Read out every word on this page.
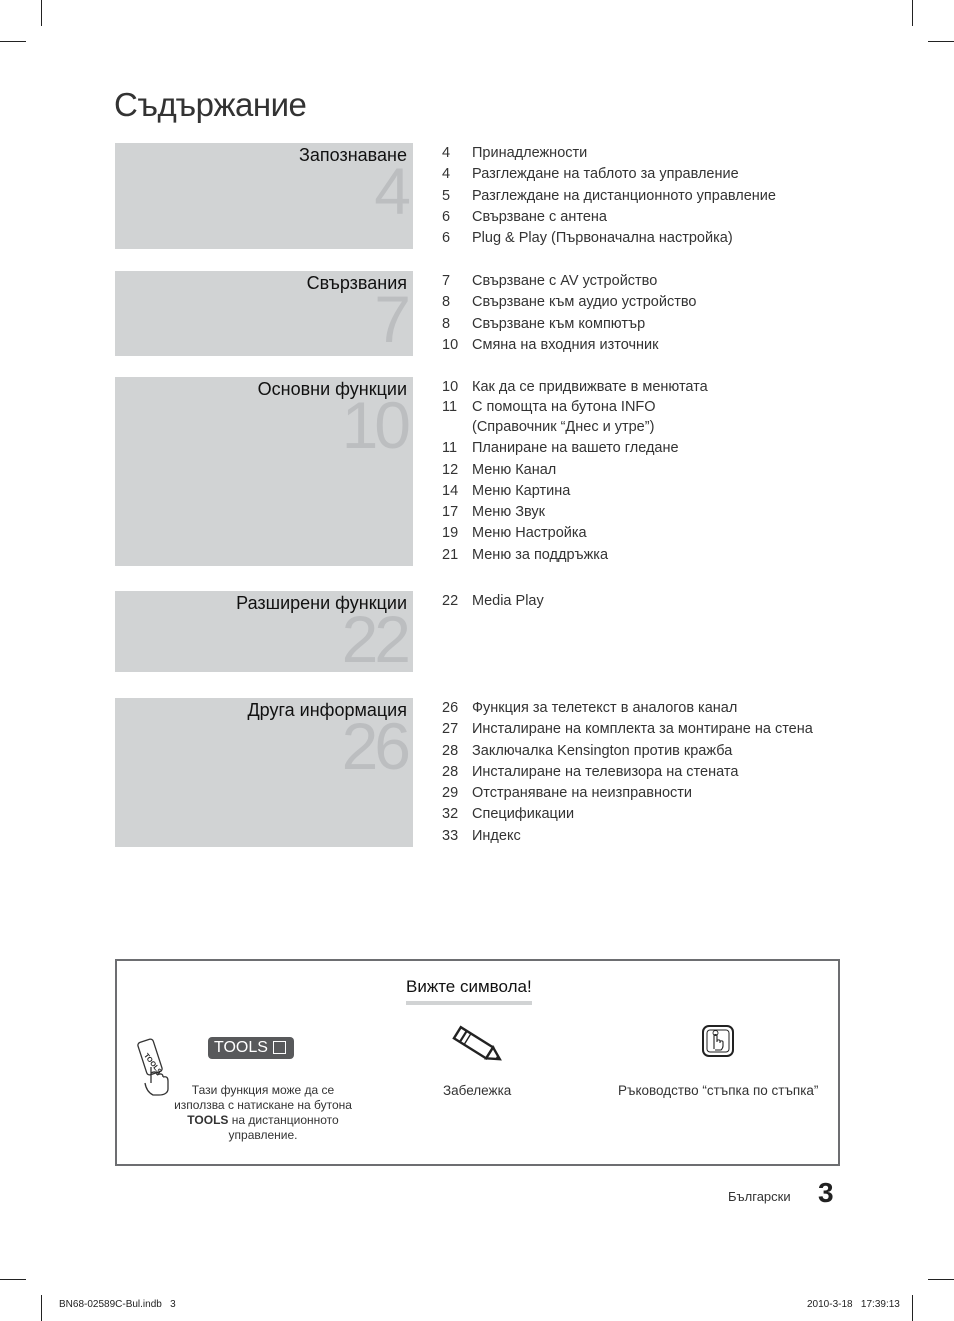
Съдържание
Запознаване
4
4	Принадлежности
4	Разглеждане на таблото за управление
5	Разглеждане на дистанционното управление
6	Свързване с антена
6	Plug & Play (Първоначална настройка)
Свързвания
7
7	Свързване с AV устройство
8	Свързване към аудио устройство
8	Свързване към компютър
10 Смяна на входния източник
Основни функции
10
10 Как да се придвижвате в менютата
11	С помощта на бутона INFO
(Справочник “Днес и утре”)
11	Планиране на вашето гледане
12 Меню Канал
14 Меню Картина
17 Меню Звук
19 Меню Настройка
21 Меню за поддръжка
Разширени функции
22
22 Media Play
Друга информация
26
26 Функция за телетекст в аналогов канал
27 Инсталиране на комплекта за монтиране на стена
28 Заключалка Kensington против кражба
28 Инсталиране на телевизора на стената
29 Отстраняване на неизправности
32 Спецификации
33 Индекс
Вижте символа!
TOOLS
TOOLS
Тази функция може да се
използва с натискане на бутона
TOOLS на дистанционното
управление.
Забележка	Ръководство “стъпка по стъпка”
Български 3
BN68-02589C-Bul.indb   3	2010-3-18   17:39:13
